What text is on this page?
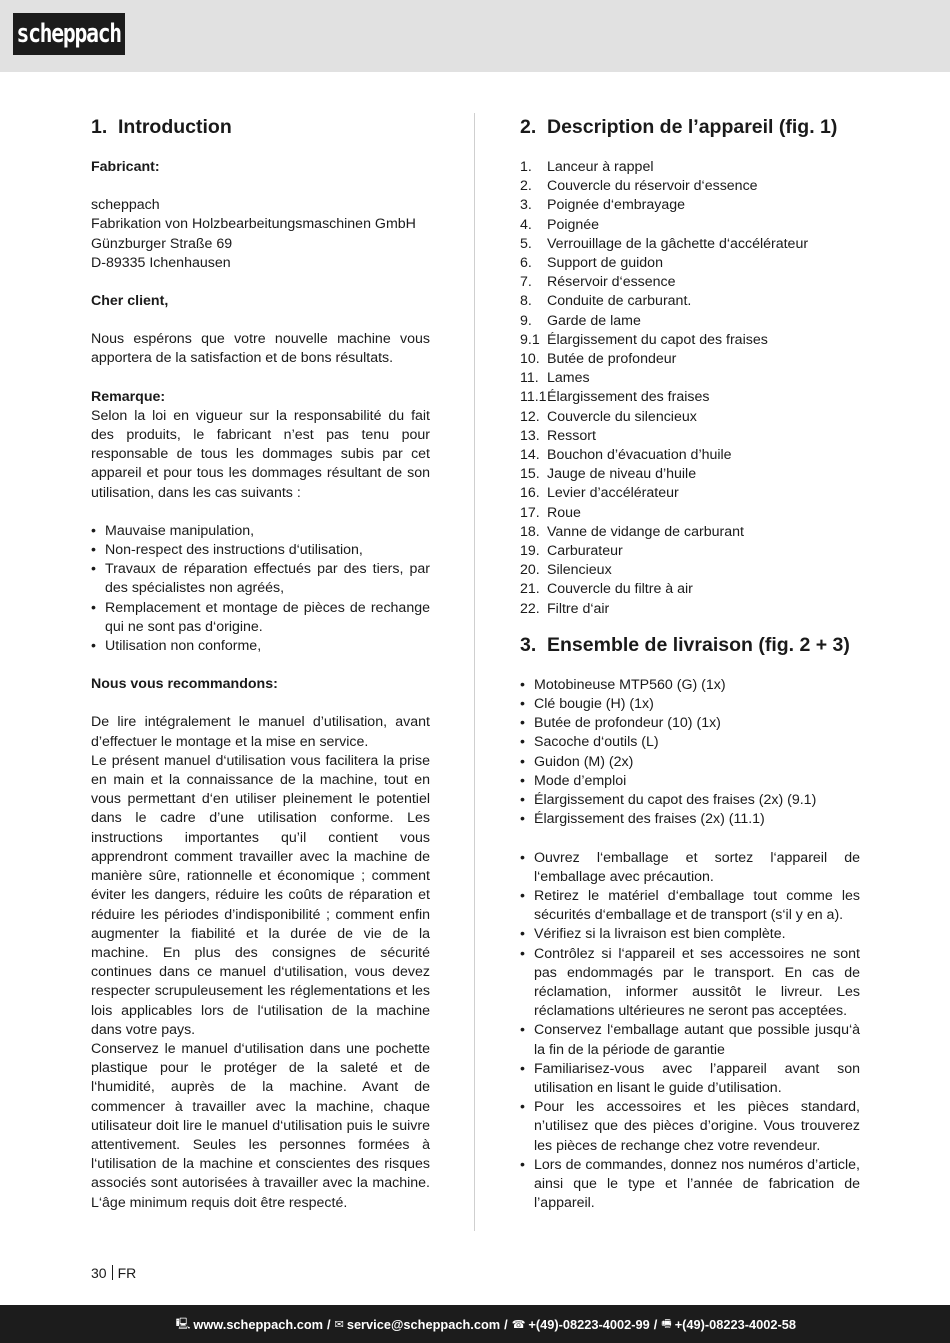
scheppach
1. Introduction

Fabricant:

scheppach

Fabrikation von Holzbearbeitungsmaschinen GmbH

Günzburger Straße 69

D-89335 Ichenhausen

Cher client,

Nous espérons que votre nouvelle machine vous apportera de la satisfaction et de bons résultats.

Remarque:

Selon la loi en vigueur sur la responsabilité du fait des produits, le fabricant n’est pas tenu pour responsable de tous les dommages subis par cet appareil et pour tous les dommages résultant de son utilisation, dans les cas suivants :

• Mauvaise manipulation,
• Non-respect des instructions d‘utilisation,
• Travaux de réparation effectués par des tiers, par des spécialistes non agréés,
• Remplacement et montage de pièces de rechange qui ne sont pas d‘origine.
• Utilisation non conforme,

Nous vous recommandons:

De lire intégralement le manuel d’utilisation, avant d’effectuer le montage et la mise en service.

Le présent manuel d‘utilisation vous facilitera la prise en main et la connaissance de la machine, tout en vous permettant d‘en utiliser pleinement le potentiel dans le cadre d’une utilisation conforme. Les instructions importantes qu’il contient vous apprendront comment travailler avec la machine de manière sûre, rationnelle et économique ; comment éviter les dangers, réduire les coûts de réparation et réduire les périodes d’indisponibilité ; comment enfin augmenter la fiabilité et la durée de vie de la machine. En plus des consignes de sécurité continues dans ce manuel d‘utilisation, vous devez respecter scrupuleusement les réglementations et les lois applicables lors de l‘utilisation de la machine dans votre pays.

Conservez le manuel d‘utilisation dans une pochette plastique pour le protéger de la saleté et de l‘humidité, auprès de la machine. Avant de commencer à travailler avec la machine, chaque utilisateur doit lire le manuel d‘utilisation puis le suivre attentivement. Seules les personnes formées à l‘utilisation de la machine et conscientes des risques associés sont autorisées à travailler avec la machine. L‘âge minimum requis doit être respecté.

2. Description de l’appareil (fig. 1)
1.	Lanceur à rappel
2.	Couvercle du réservoir d‘essence
3.	Poignée d‘embrayage
4.	Poignée
5.	Verrouillage de la gâchette d‘accélérateur
6.	Support de guidon
7.	Réservoir d‘essence
8.	Conduite de carburant.
9.	Garde de lame
9.1 Élargissement du capot des fraises
10. Butée de profondeur
11. Lames
11.1 Élargissement des fraises
12. Couvercle du silencieux
13. Ressort
14. Bouchon d’évacuation d’huile
15. Jauge de niveau d’huile
16. Levier d’accélérateur
17. Roue
18. Vanne de vidange de carburant
19. Carburateur
20. Silencieux
21. Couvercle du filtre à air
22. Filtre d‘air
3. Ensemble de livraison (fig. 2 + 3)
• Motobineuse MTP560 (G) (1x)
• Clé bougie (H) (1x)
• Butée de profondeur (10) (1x)
• Sacoche d‘outils (L)
• Guidon (M) (2x)
• Mode d’emploi
• Élargissement du capot des fraises (2x) (9.1)
• Élargissement des fraises (2x) (11.1)
• Ouvrez l‘emballage et sortez l‘appareil de l‘emballage avec précaution.
• Retirez le matériel d‘emballage tout comme les sécurités d‘emballage et de transport (s‘il y en a).
• Vérifiez si la livraison est bien complète.
• Contrôlez si l‘appareil et ses accessoires ne sont pas endommagés par le transport. En cas de réclamation, informer aussitôt le livreur. Les réclamations ultérieures ne seront pas acceptées.
• Conservez l‘emballage autant que possible jusqu‘à la fin de la période de garantie
• Familiarisez-vous avec l’appareil avant son utilisation en lisant le guide d’utilisation.
• Pour les accessoires et les pièces standard, n’utilisez que des pièces d’origine. Vous trouverez les pièces de rechange chez votre revendeur.
• Lors de commandes, donnez nos numéros d’article, ainsi que le type et l’année de fabrication de l’appareil.
30 FR
🖳 www.scheppach.com / ✉ service@scheppach.com / ☎ +(49)-08223-4002-99 / 🖷 +(49)-08223-4002-58
